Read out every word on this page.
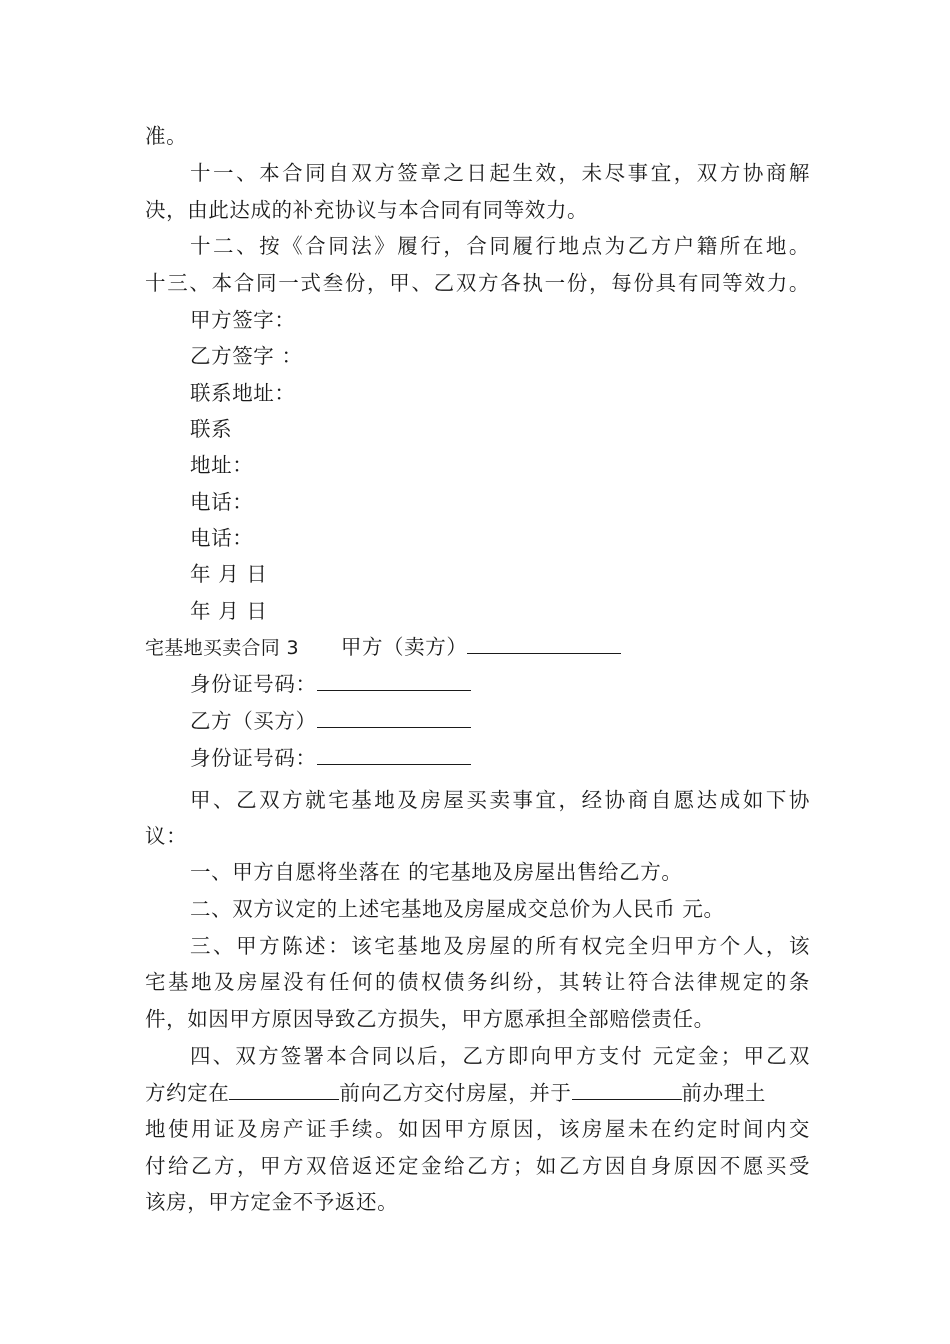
准。
十一、本合同自双方签章之日起生效，未尽事宜，双方协商解
决，由此达成的补充协议与本合同有同等效力。
十二、按《合同法》履行，合同履行地点为乙方户籍所在地。
十三、本合同一式叁份，甲、乙双方各执一份，每份具有同等效力。
甲方签字：
乙方签字 ：
联系地址：
联系
地址：
电话：
电话：
年 月 日
年 月 日
宅基地买卖合同 3 甲方（卖方）
身份证号码：
乙方（买方）
身份证号码：
甲、乙双方就宅基地及房屋买卖事宜，经协商自愿达成如下协
议：
一、甲方自愿将坐落在 的宅基地及房屋出售给乙方。
二、双方议定的上述宅基地及房屋成交总价为人民币 元。
三、甲方陈述：该宅基地及房屋的所有权完全归甲方个人，该
宅基地及房屋没有任何的债权债务纠纷，其转让符合法律规定的条
件，如因甲方原因导致乙方损失，甲方愿承担全部赔偿责任。
四、双方签署本合同以后，乙方即向甲方支付 元定金；甲乙双
方约定在	前向乙方交付房屋，并于	前办理土
地使用证及房产证手续。如因甲方原因，该房屋未在约定时间内交
付给乙方，甲方双倍返还定金给乙方；如乙方因自身原因不愿买受
该房，甲方定金不予返还。
